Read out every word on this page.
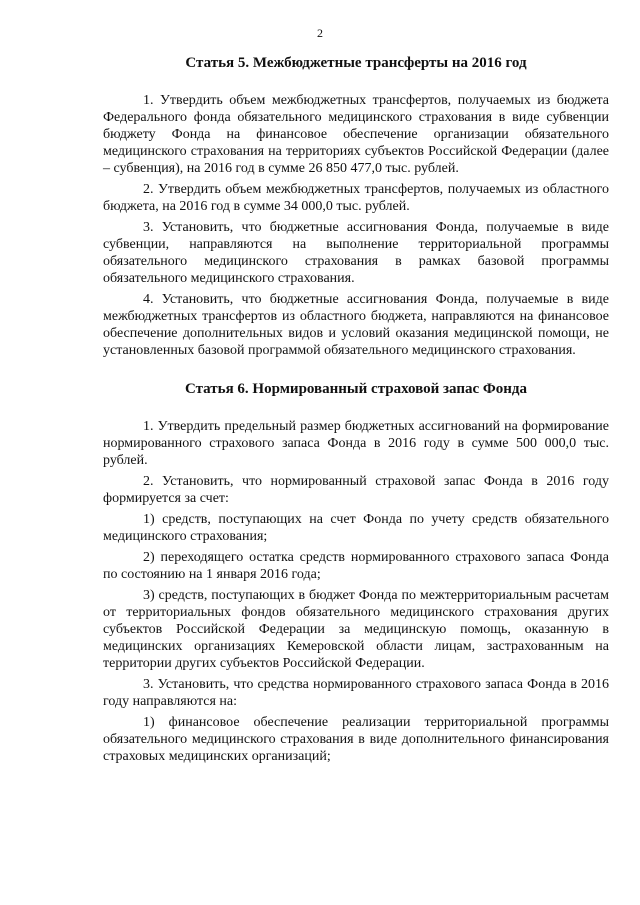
2
Статья 5. Межбюджетные трансферты на 2016 год

1. Утвердить объем межбюджетных трансфертов, получаемых из бюджета Федерального фонда обязательного медицинского страхования в виде субвенции бюджету Фонда на финансовое обеспечение организации обязательного медицинского страхования на территориях субъектов Российской Федерации (далее – субвенция), на 2016 год в сумме 26 850 477,0 тыс. рублей.

2. Утвердить объем межбюджетных трансфертов, получаемых из областного бюджета, на 2016 год в сумме 34 000,0 тыс. рублей.

3. Установить, что бюджетные ассигнования Фонда, получаемые в виде субвенции, направляются на выполнение территориальной программы обязательного медицинского страхования в рамках базовой программы обязательного медицинского страхования.

4. Установить, что бюджетные ассигнования Фонда, получаемые в виде межбюджетных трансфертов из областного бюджета, направляются на финансовое обеспечение дополнительных видов и условий оказания медицинской помощи, не установленных базовой программой обязательного медицинского страхования.

Статья 6. Нормированный страховой запас Фонда

1. Утвердить предельный размер бюджетных ассигнований на формирование нормированного страхового запаса Фонда в 2016 году в сумме 500 000,0 тыс. рублей.

2. Установить, что нормированный страховой запас Фонда в 2016 году формируется за счет:

1) средств, поступающих на счет Фонда по учету средств обязательного медицинского страхования;

2) переходящего остатка средств нормированного страхового запаса Фонда по состоянию на 1 января 2016 года;

3) средств, поступающих в бюджет Фонда по межтерриториальным расчетам от территориальных фондов обязательного медицинского страхования других субъектов Российской Федерации за медицинскую помощь, оказанную в медицинских организациях Кемеровской области лицам, застрахованным на территории других субъектов Российской Федерации.

3. Установить, что средства нормированного страхового запаса Фонда в 2016 году направляются на:

1) финансовое обеспечение реализации территориальной программы обязательного медицинского страхования в виде дополнительного финансирования страховых медицинских организаций;
